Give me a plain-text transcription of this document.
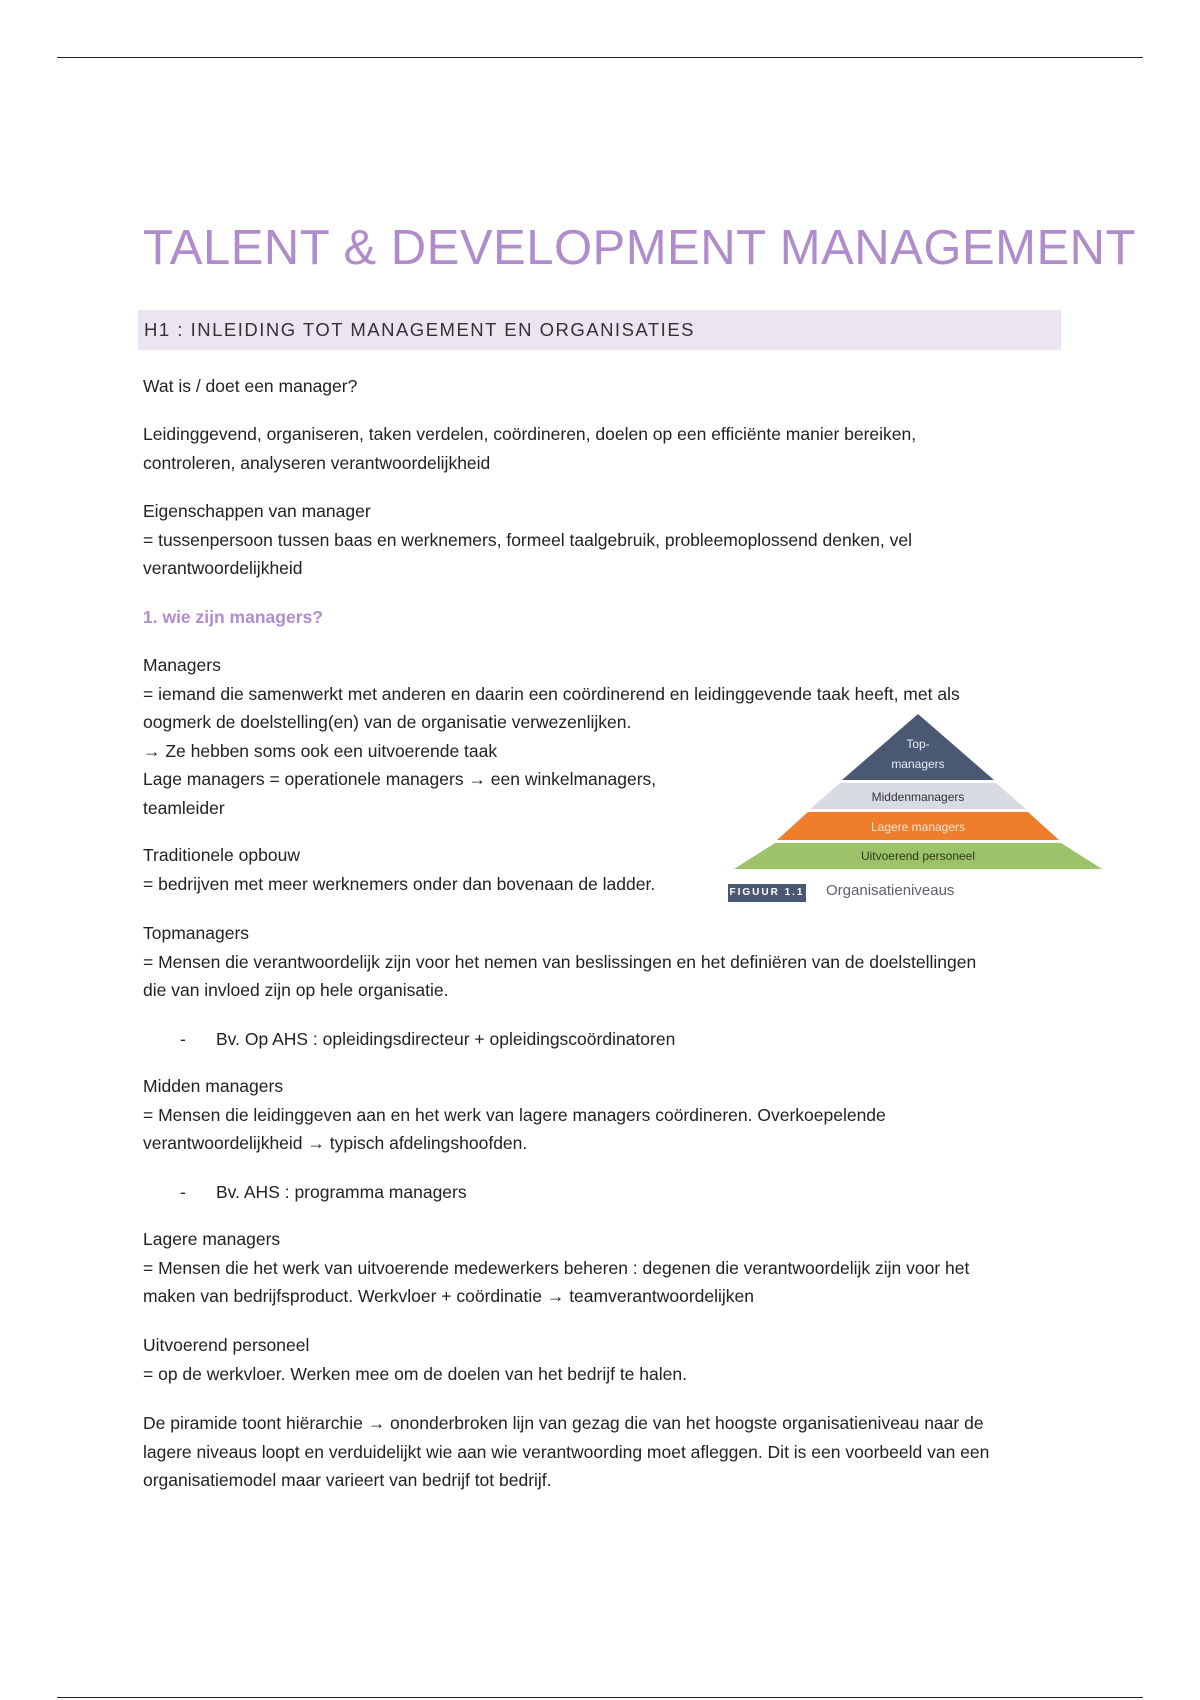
TALENT & DEVELOPMENT MANAGEMENT
H1 : INLEIDING TOT MANAGEMENT EN ORGANISATIES
Wat is / doet een manager?
Leidinggevend, organiseren, taken verdelen, coördineren, doelen op een efficiënte manier bereiken,
controleren, analyseren verantwoordelijkheid
Eigenschappen van manager
= tussenpersoon tussen baas en werknemers, formeel taalgebruik, probleemoplossend denken, vel
verantwoordelijkheid
1. wie zijn managers?
Managers
= iemand die samenwerkt met anderen en daarin een coördinerend en leidinggevende taak heeft, met als
oogmerk de doelstelling(en) van de organisatie verwezenlijken.
→ Ze hebben soms ook een uitvoerende taak
Lage managers = operationele managers → een winkelmanagers,
teamleider
Traditionele opbouw
= bedrijven met meer werknemers onder dan bovenaan de ladder.
Topmanagers
= Mensen die verantwoordelijk zijn voor het nemen van beslissingen en het definiëren van de doelstellingen
die van invloed zijn op hele organisatie.
- Bv. Op AHS : opleidingsdirecteur + opleidingscoördinatoren
Midden managers
= Mensen die leidinggeven aan en het werk van lagere managers coördineren. Overkoepelende
verantwoordelijkheid → typisch afdelingshoofden.
- Bv. AHS : programma managers
Lagere managers
= Mensen die het werk van uitvoerende medewerkers beheren : degenen die verantwoordelijk zijn voor het
maken van bedrijfsproduct. Werkvloer + coördinatie → teamverantwoordelijken
Uitvoerend personeel
= op de werkvloer. Werken mee om de doelen van het bedrijf te halen.
De piramide toont hiërarchie → ononderbroken lijn van gezag die van het hoogste organisatieniveau naar de
lagere niveaus loopt en verduidelijkt wie aan wie verantwoording moet afleggen. Dit is een voorbeeld van een
organisatiemodel maar varieert van bedrijf tot bedrijf.
Top-
managers
Middenmanagers
Lagere managers
Uitvoerend personeel
FIGUUR 1.1 Organisatieniveaus
